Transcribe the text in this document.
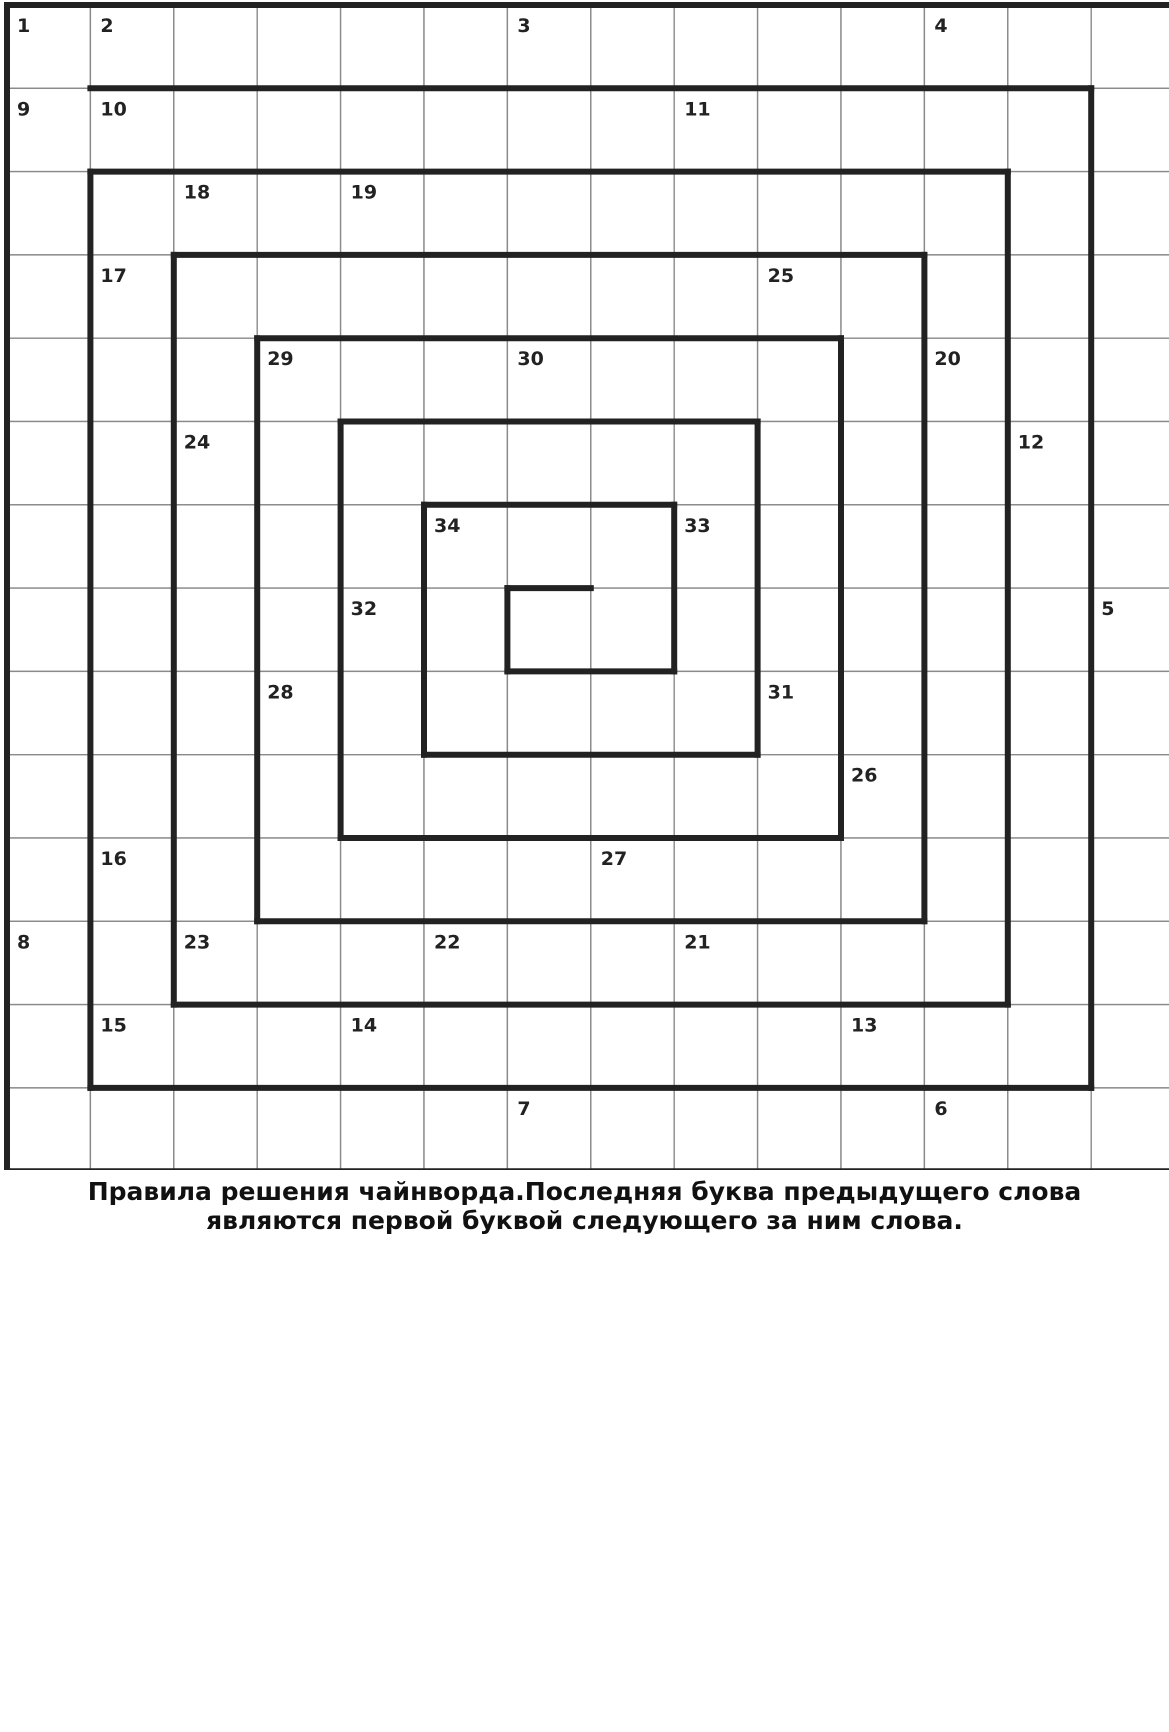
1	2	3	4
9	10	11
18	19
17	25
29	30	20
24	12
34	33
32	5
28	31
26
16	27
8	23	22	21
15	14	13
7	6
Правила решения чайнворда.Последняя буква предыдущего слова являются первой буквой следующего за ним слова.
